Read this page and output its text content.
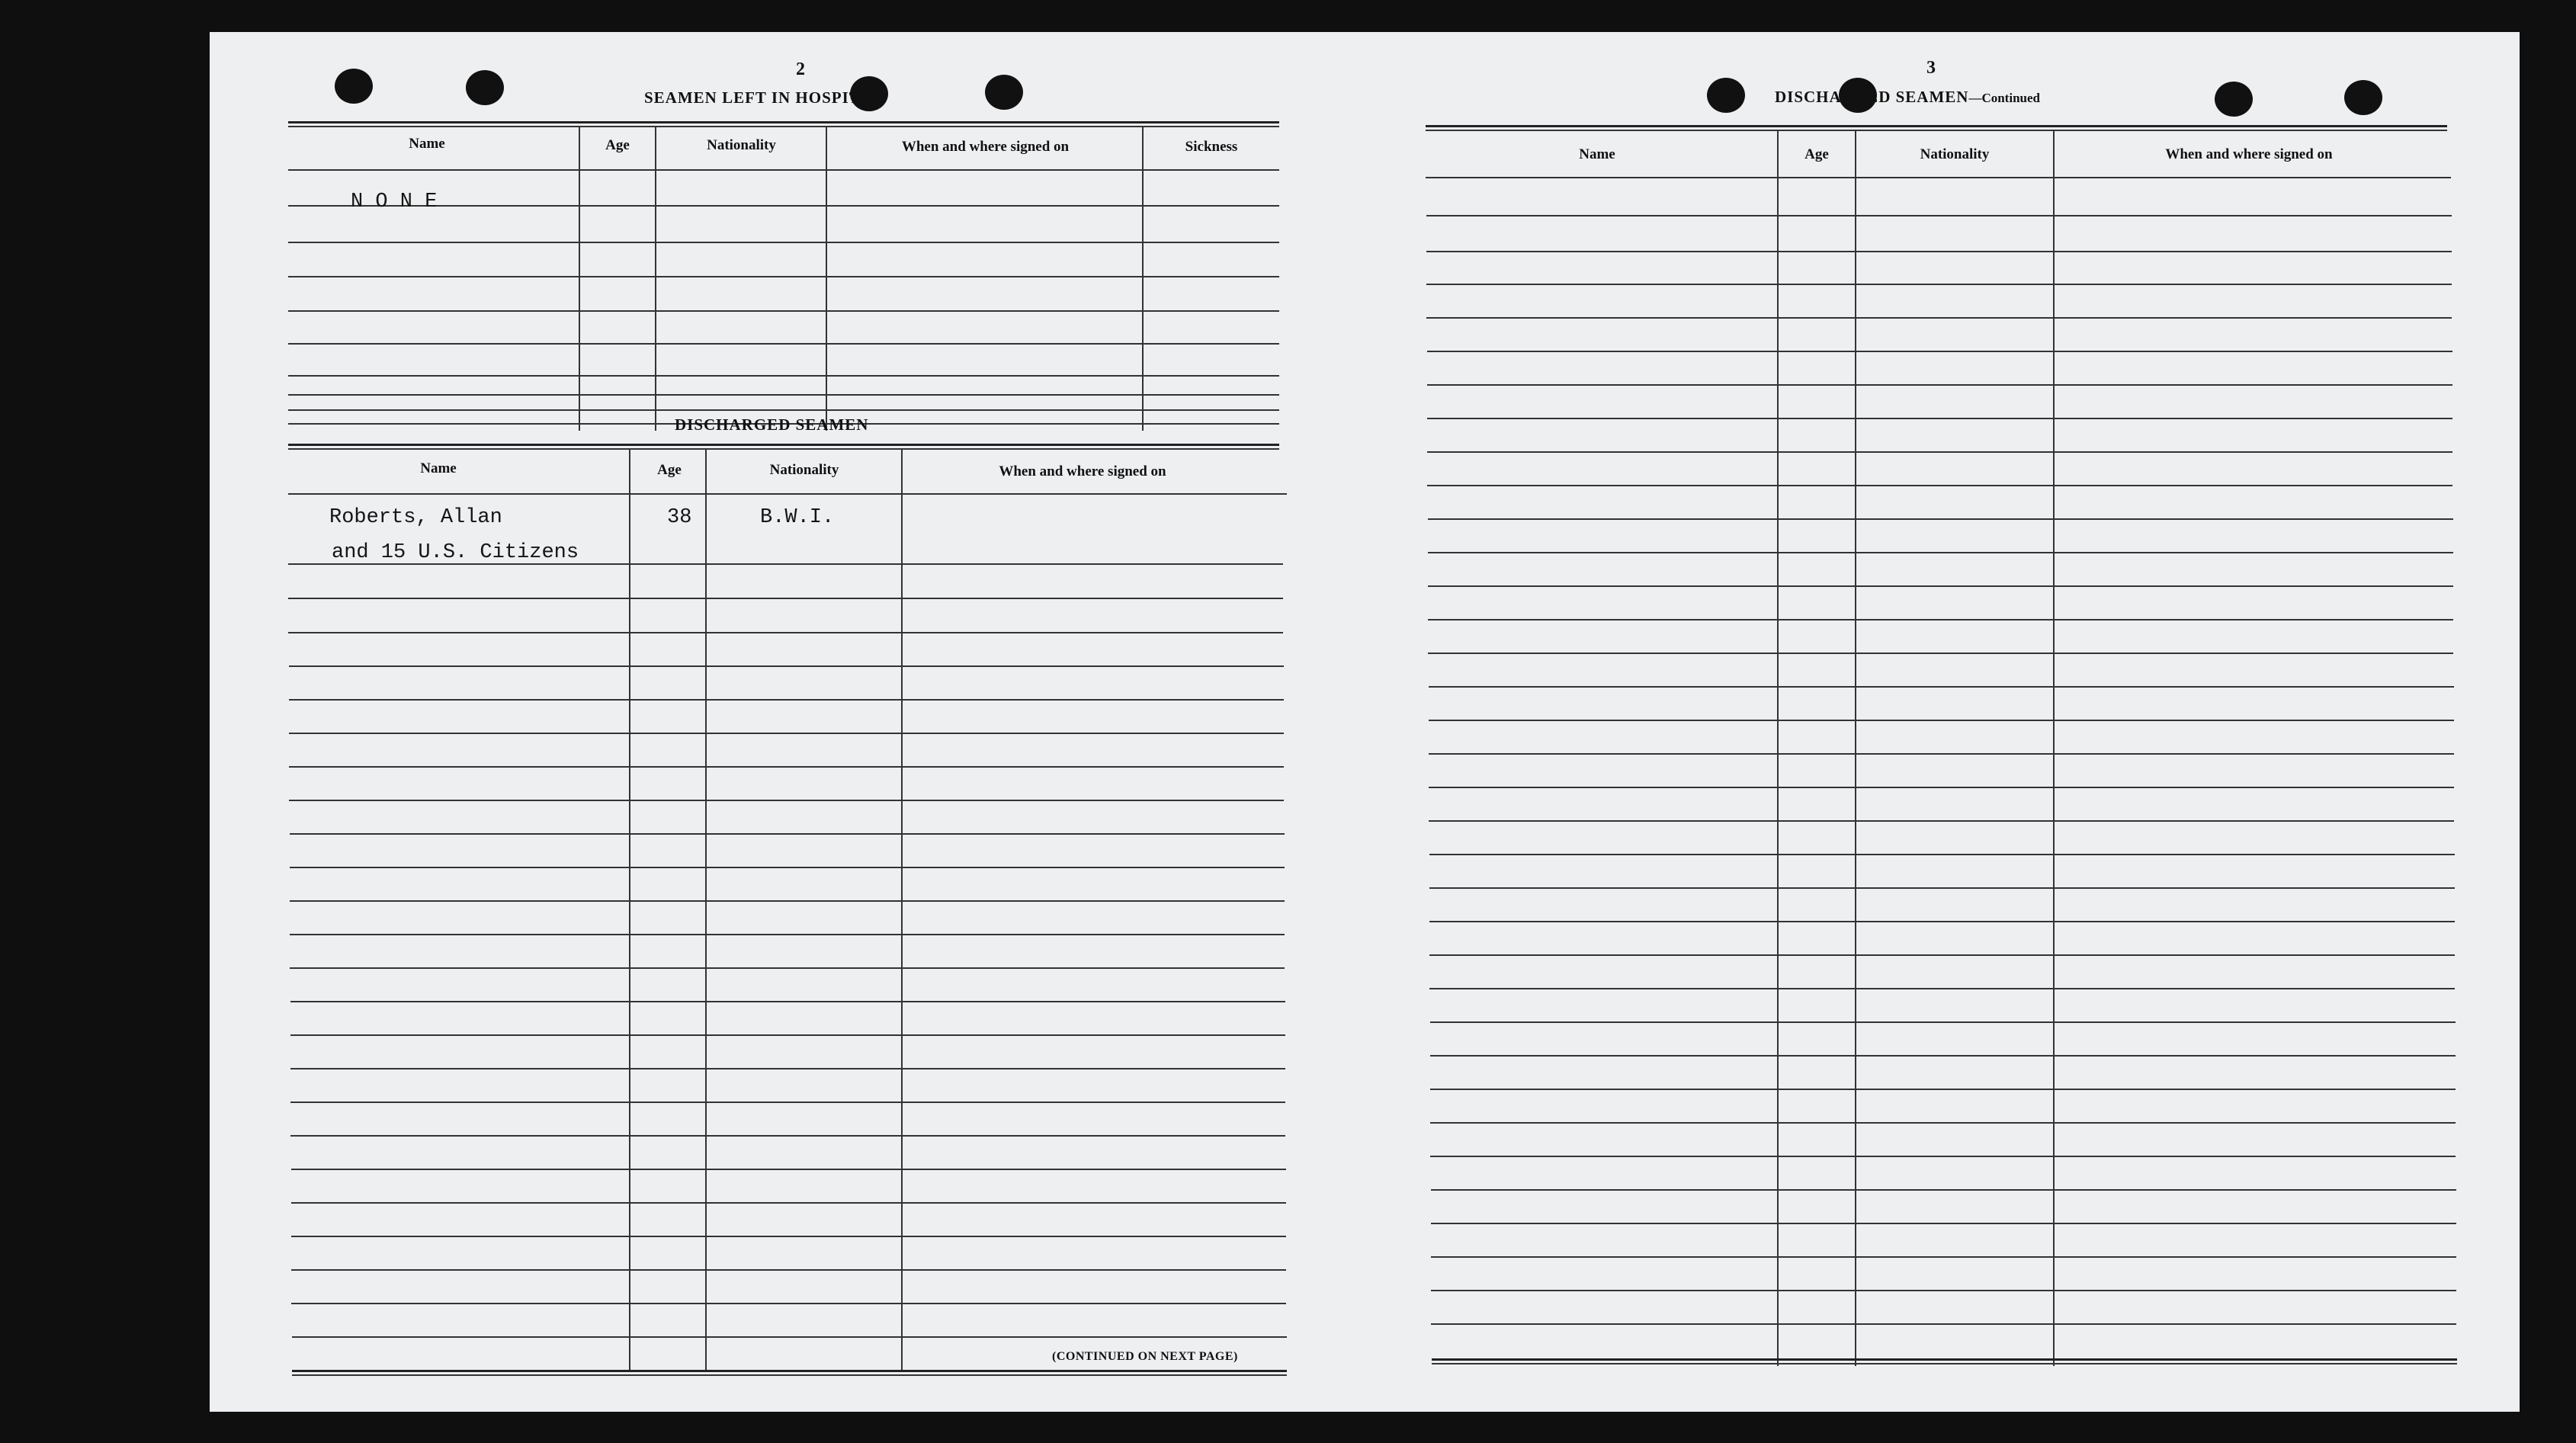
2
SEAMEN LEFT IN HOSPITAL
Name	Age	Nationality	When and where signed on	Sickness
N O N E
DISCHARGED SEAMEN
Name	Age	Nationality	When and where signed on
Roberts, Allan	38	B.W.I.
and 15 U.S. Citizens
(CONTINUED ON NEXT PAGE)
3
DISCHARGED SEAMEN—Continued
Name	Age	Nationality	When and where signed on
